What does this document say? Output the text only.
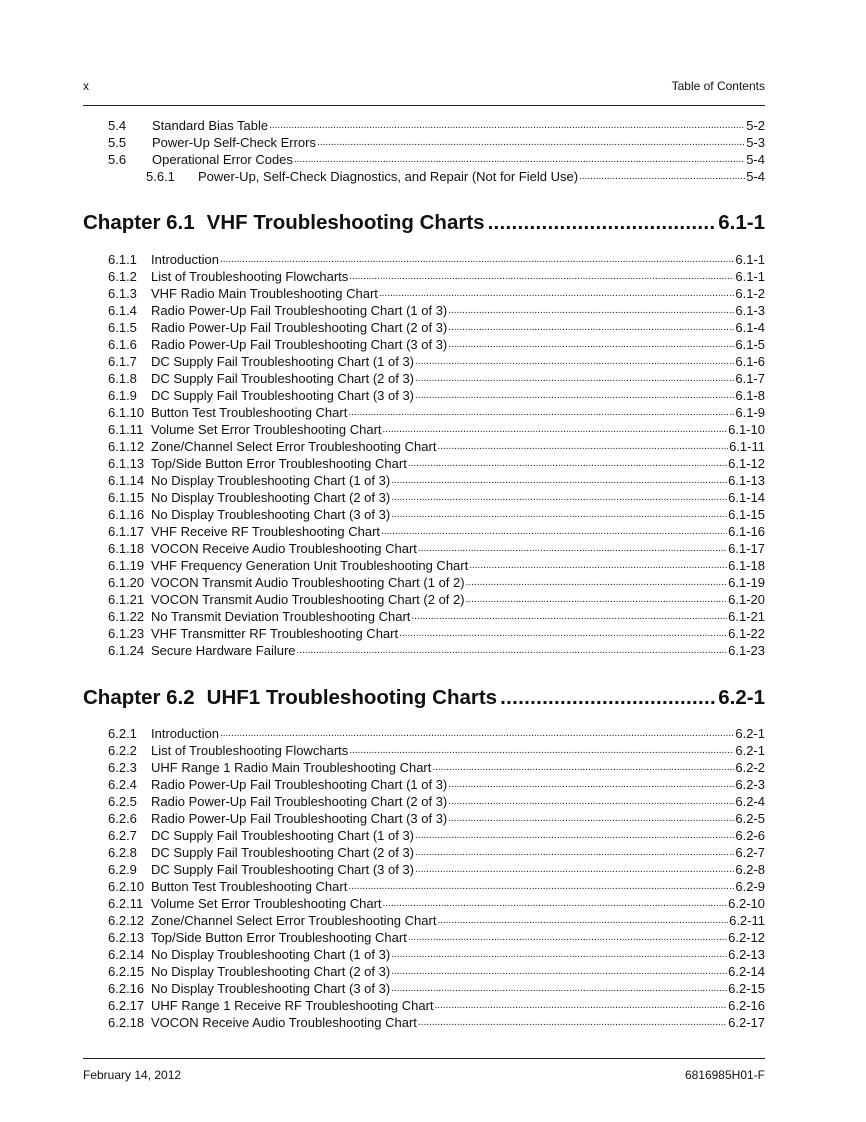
x	Table of Contents
5.4	Standard Bias Table .....	5-2
5.5	Power-Up Self-Check Errors .....	5-3
5.6	Operational Error Codes .....	5-4
5.6.1	Power-Up, Self-Check Diagnostics, and Repair (Not for Field Use) .....	5-4
Chapter 6.1 VHF Troubleshooting Charts .....	6.1-1
6.1.1	Introduction .....	6.1-1
6.1.2	List of Troubleshooting Flowcharts .....	6.1-1
6.1.3	VHF Radio Main Troubleshooting Chart .....	6.1-2
6.1.4	Radio Power-Up Fail Troubleshooting Chart (1 of 3) .....	6.1-3
6.1.5	Radio Power-Up Fail Troubleshooting Chart (2 of 3) .....	6.1-4
6.1.6	Radio Power-Up Fail Troubleshooting Chart (3 of 3) .....	6.1-5
6.1.7	DC Supply Fail Troubleshooting Chart (1 of 3) .....	6.1-6
6.1.8	DC Supply Fail Troubleshooting Chart (2 of 3) .....	6.1-7
6.1.9	DC Supply Fail Troubleshooting Chart (3 of 3) .....	6.1-8
6.1.10 Button Test Troubleshooting Chart .....	6.1-9
6.1.11 Volume Set Error Troubleshooting Chart .....	6.1-10
6.1.12 Zone/Channel Select Error Troubleshooting Chart .....	6.1-11
6.1.13 Top/Side Button Error Troubleshooting Chart .....	6.1-12
6.1.14 No Display Troubleshooting Chart (1 of 3) .....	6.1-13
6.1.15 No Display Troubleshooting Chart (2 of 3) .....	6.1-14
6.1.16 No Display Troubleshooting Chart (3 of 3) .....	6.1-15
6.1.17 VHF Receive RF Troubleshooting Chart .....	6.1-16
6.1.18 VOCON Receive Audio Troubleshooting Chart .....	6.1-17
6.1.19 VHF Frequency Generation Unit Troubleshooting Chart .....	6.1-18
6.1.20 VOCON Transmit Audio Troubleshooting Chart (1 of 2) .....	6.1-19
6.1.21 VOCON Transmit Audio Troubleshooting Chart (2 of 2) .....	6.1-20
6.1.22 No Transmit Deviation Troubleshooting Chart .....	6.1-21
6.1.23 VHF Transmitter RF Troubleshooting Chart .....	6.1-22
6.1.24 Secure Hardware Failure .....	6.1-23
Chapter 6.2 UHF1 Troubleshooting Charts .....	6.2-1
6.2.1	Introduction .....	6.2-1
6.2.2	List of Troubleshooting Flowcharts .....	6.2-1
6.2.3	UHF Range 1 Radio Main Troubleshooting Chart .....	6.2-2
6.2.4	Radio Power-Up Fail Troubleshooting Chart (1 of 3) .....	6.2-3
6.2.5	Radio Power-Up Fail Troubleshooting Chart (2 of 3) .....	6.2-4
6.2.6	Radio Power-Up Fail Troubleshooting Chart (3 of 3) .....	6.2-5
6.2.7	DC Supply Fail Troubleshooting Chart (1 of 3) .....	6.2-6
6.2.8	DC Supply Fail Troubleshooting Chart (2 of 3) .....	6.2-7
6.2.9	DC Supply Fail Troubleshooting Chart (3 of 3) .....	6.2-8
6.2.10 Button Test Troubleshooting Chart .....	6.2-9
6.2.11 Volume Set Error Troubleshooting Chart .....	6.2-10
6.2.12 Zone/Channel Select Error Troubleshooting Chart .....	6.2-11
6.2.13 Top/Side Button Error Troubleshooting Chart .....	6.2-12
6.2.14 No Display Troubleshooting Chart (1 of 3) .....	6.2-13
6.2.15 No Display Troubleshooting Chart (2 of 3) .....	6.2-14
6.2.16 No Display Troubleshooting Chart (3 of 3) .....	6.2-15
6.2.17 UHF Range 1 Receive RF Troubleshooting Chart .....	6.2-16
6.2.18 VOCON Receive Audio Troubleshooting Chart .....	6.2-17
February 14, 2012	6816985H01-F
